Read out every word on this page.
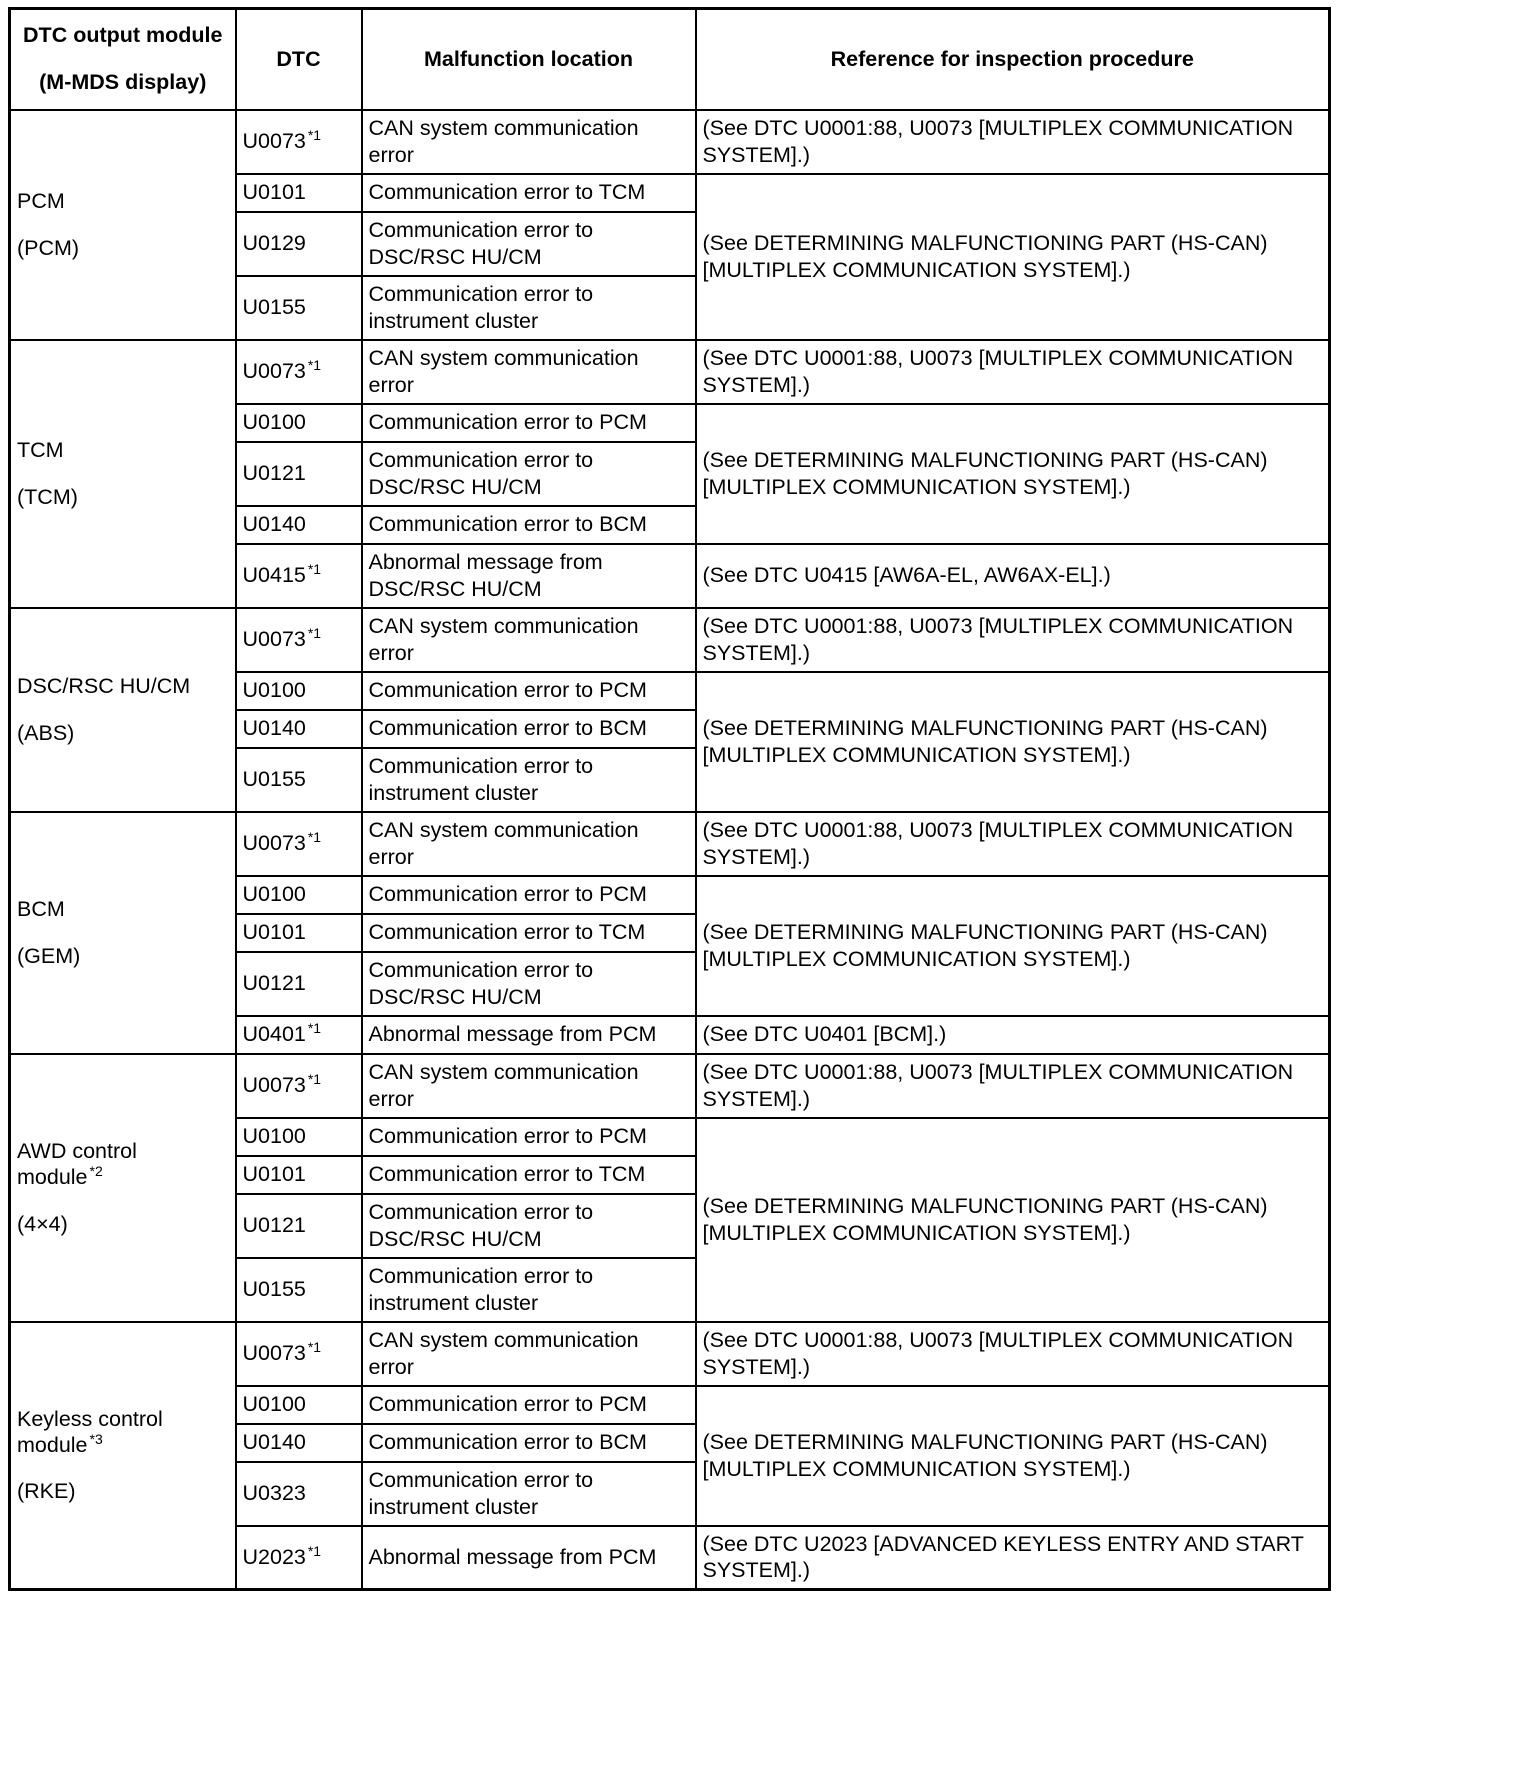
DTC output module
(M-MDS display)	DTC	Malfunction location	Reference for inspection procedure

PCM
(PCM)	U0073 $^{*1}$	CAN system communication error	(See DTC U0001:88, U0073 [MULTIPLEX COMMUNICATION SYSTEM].)
	U0101	Communication error to TCM	(See DETERMINING MALFUNCTIONING PART (HS-CAN) [MULTIPLEX COMMUNICATION SYSTEM].)
	U0129	Communication error to DSC/RSC HU/CM	
	U0155	Communication error to instrument cluster	

TCM
(TCM)	U0073 $^{*1}$	CAN system communication error	(See DTC U0001:88, U0073 [MULTIPLEX COMMUNICATION SYSTEM].)
	U0100	Communication error to PCM	(See DETERMINING MALFUNCTIONING PART (HS-CAN) [MULTIPLEX COMMUNICATION SYSTEM].)
	U0121	Communication error to DSC/RSC HU/CM	
	U0140	Communication error to BCM	
	U0415 $^{*1}$	Abnormal message from DSC/RSC HU/CM	(See DTC U0415 [AW6A-EL, AW6AX-EL].)

DSC/RSC HU/CM
(ABS)	U0073 $^{*1}$	CAN system communication error	(See DTC U0001:88, U0073 [MULTIPLEX COMMUNICATION SYSTEM].)
	U0100	Communication error to PCM	(See DETERMINING MALFUNCTIONING PART (HS-CAN) [MULTIPLEX COMMUNICATION SYSTEM].)
	U0140	Communication error to BCM	
	U0155	Communication error to instrument cluster	

BCM
(GEM)	U0073 $^{*1}$	CAN system communication error	(See DTC U0001:88, U0073 [MULTIPLEX COMMUNICATION SYSTEM].)
	U0100	Communication error to PCM	(See DETERMINING MALFUNCTIONING PART (HS-CAN) [MULTIPLEX COMMUNICATION SYSTEM].)
	U0101	Communication error to TCM	
	U0121	Communication error to DSC/RSC HU/CM	
	U0401 $^{*1}$	Abnormal message from PCM	(See DTC U0401 [BCM].)

AWD control module $^{*2}$
(4×4)	U0073 $^{*1}$	CAN system communication error	(See DTC U0001:88, U0073 [MULTIPLEX COMMUNICATION SYSTEM].)
	U0100	Communication error to PCM	(See DETERMINING MALFUNCTIONING PART (HS-CAN) [MULTIPLEX COMMUNICATION SYSTEM].)
	U0101	Communication error to TCM	
	U0121	Communication error to DSC/RSC HU/CM	
	U0155	Communication error to instrument cluster	

Keyless control module $^{*3}$
(RKE)	U0073 $^{*1}$	CAN system communication error	(See DTC U0001:88, U0073 [MULTIPLEX COMMUNICATION SYSTEM].)
	U0100	Communication error to PCM	(See DETERMINING MALFUNCTIONING PART (HS-CAN) [MULTIPLEX COMMUNICATION SYSTEM].)
	U0140	Communication error to BCM	
	U0323	Communication error to instrument cluster	
	U2023 $^{*1}$	Abnormal message from PCM	(See DTC U2023 [ADVANCED KEYLESS ENTRY AND START SYSTEM].)
